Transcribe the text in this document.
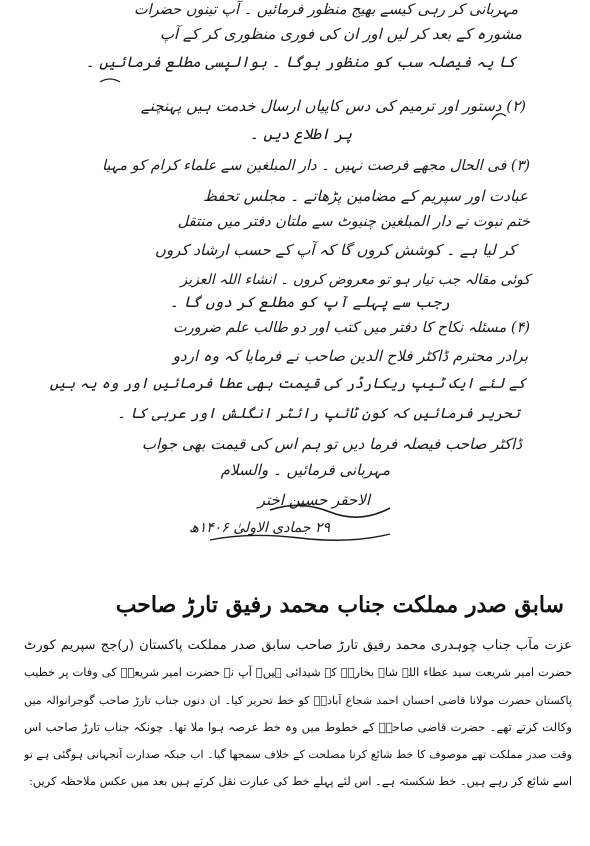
مہربانی کر رہی کیسے بھیج منظور فرمائیں ۔ آپ تینوں حضرات
مشورہ کے بعد کر لیں اور ان کی فوری منظوری کر کے آپ
کا یہ فیصلہ سب کو منظور ہوگا ۔ بوالپسی مطلع فرمائیں ۔
(۲) دستور اور ترمیم کی دس کاپیاں ارسال خدمت ہیں پہنچنے
پر اطلاع دیں ۔
(۳) فی الحال مجھے فرصت نہیں ۔ دار المبلغین سے علماء کرام کو مہیا
عبادت اور سپریم کے مضامین پڑھاتے ۔ مجلس تحفظ
ختم نبوت نے دار المبلغین چنیوٹ سے ملتان دفتر میں منتقل
کر لیا ہے ۔ کوشش کروں گا کہ آپ کے حسب ارشاد کروں
کوئی مقالہ جب تیار ہو تو معروض کروں ۔ انشاء اللہ العزیز
رجب سے پہلے آپ کو مطلع کر دوں گا ۔
(۴) مسئلہ نکاح کا دفتر میں کتب اور دو طالب علم ضرورت
برادر محترم ڈاکٹر فلاح الدین صاحب نے فرمایا کہ وہ اردو
کے لئے ایک ٹیپ ریکارڈر کی قیمت بھی عطا فرمائیں اور وہ یہ ہیں
تحریر فرمائیں کہ کون ٹائپ رائٹر انگلش اور عربی کا ۔
ڈاکٹر صاحب فیصلہ فرما دیں تو ہم اس کی قیمت بھی جواب
مہربانی فرمائیں ۔ والسلام
الاحقر حسین اختر
۲۹ جمادی الاولیٰ ۱۴۰۶ھ
سابق صدر مملکت جناب محمد رفیق تارڑ صاحب
عزت مآب جناب چوہدری محمد رفیق تارڑ صاحب سابق صدر مملکت پاکستان (ر)جج سپریم کورٹ
حضرت امیر شریعت سید عطاء اللہ شاہ بخاریؒ کے شیدائی ہیں۔ آپ نے حضرت امیر شریعتؒ کی وفات پر خطیب
پاکستان حضرت مولانا قاضی احسان احمد شجاع آبادیؒ کو خط تحریر کیا۔ ان دنوں جناب تارڑ صاحب گوجرانوالہ میں
وکالت کرتے تھے۔ حضرت قاضی صاحبؒ کے خطوط میں وہ خط عرصہ ہوا ملا تھا۔ چونکہ جناب تارڑ صاحب اس
وقت صدر مملکت تھے موصوف کا خط شائع کرنا مصلحت کے خلاف سمجھا گیا۔ اب جبکہ صدارت آنجہانی ہوگئی ہے تو
اسے شائع کر رہے ہیں۔ خط شکستہ ہے۔ اس لئے پہلے خط کی عبارت نقل کرتے ہیں بعد میں عکس ملاحظہ کریں:
